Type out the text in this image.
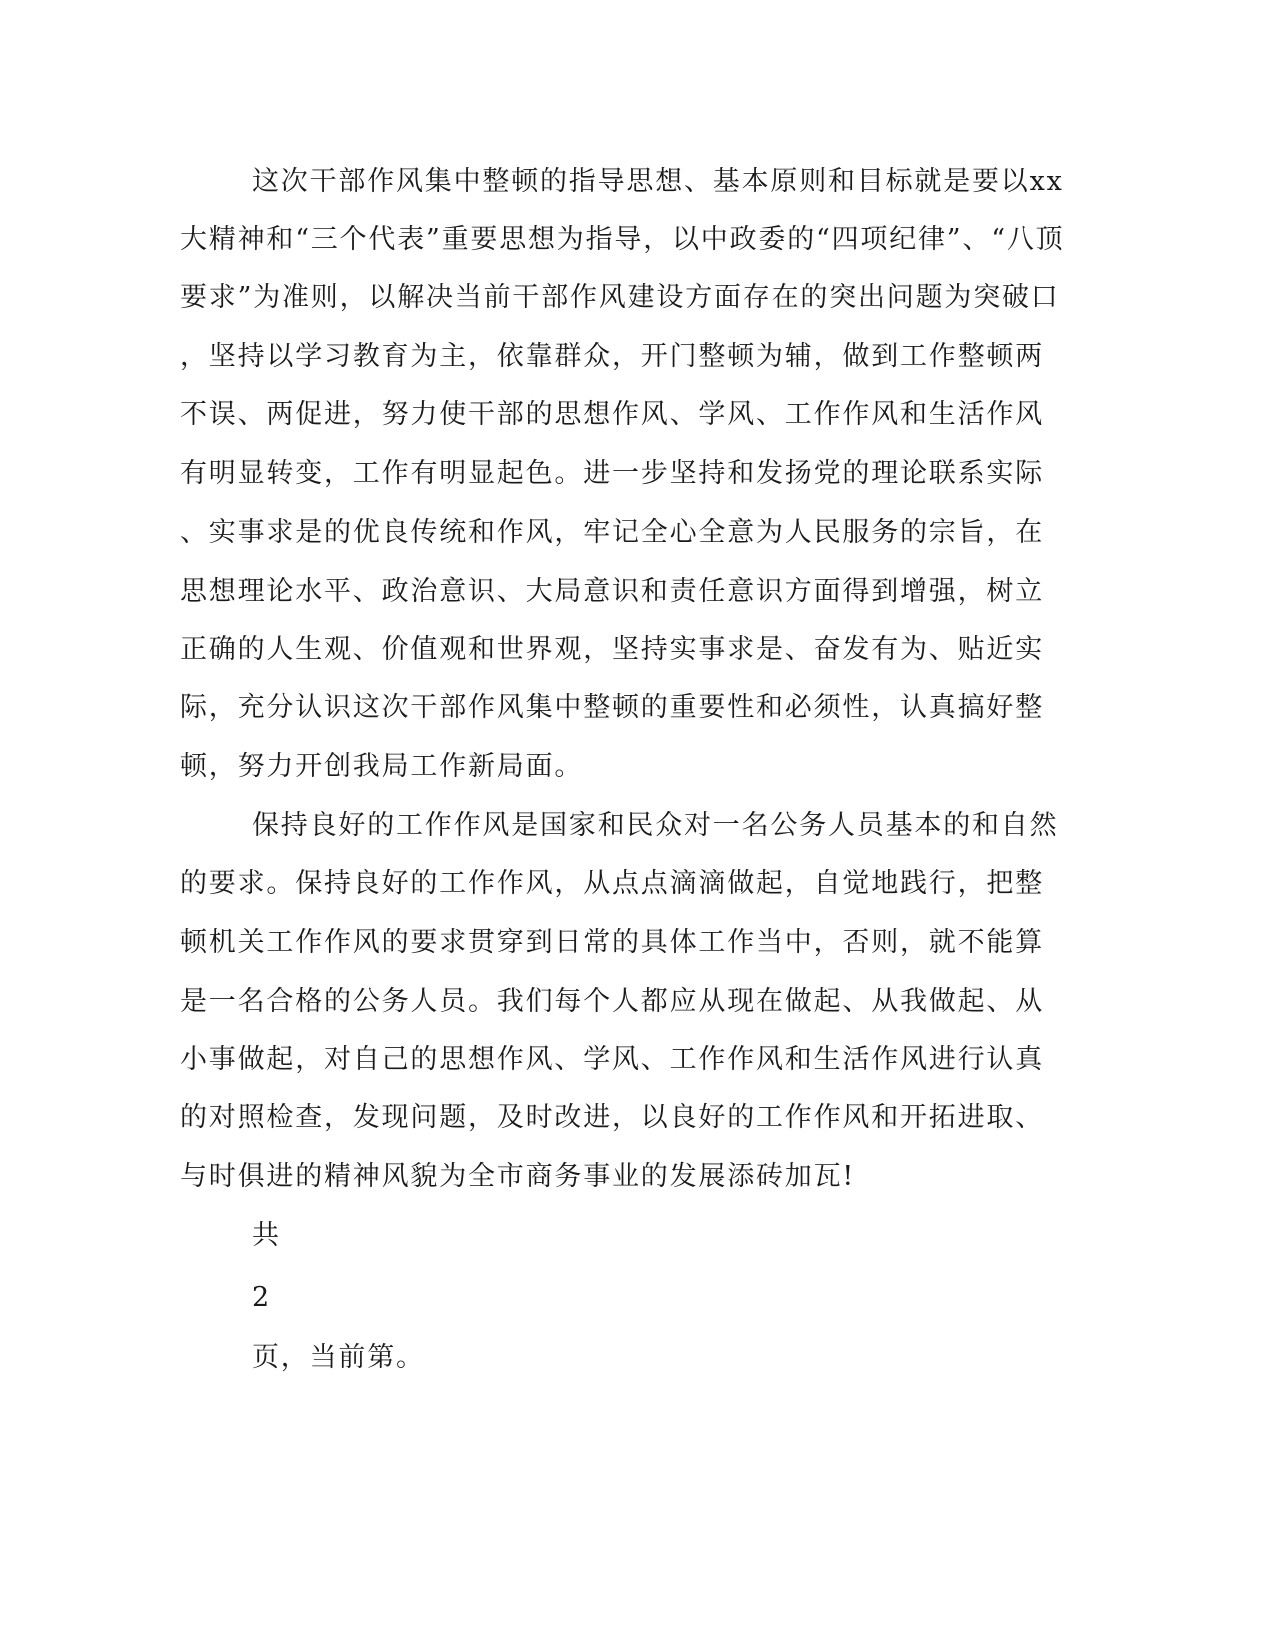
这次干部作风集中整顿的指导思想、基本原则和目标就是要以xx
大精神和“三个代表”重要思想为指导，以中政委的“四项纪律”、“八顶
要求”为准则，以解决当前干部作风建设方面存在的突出问题为突破口
，坚持以学习教育为主，依靠群众，开门整顿为辅，做到工作整顿两
不误、两促进，努力使干部的思想作风、学风、工作作风和生活作风
有明显转变，工作有明显起色。进一步坚持和发扬党的理论联系实际
、实事求是的优良传统和作风，牢记全心全意为人民服务的宗旨，在
思想理论水平、政治意识、大局意识和责任意识方面得到增强，树立
正确的人生观、价值观和世界观，坚持实事求是、奋发有为、贴近实
际，充分认识这次干部作风集中整顿的重要性和必须性，认真搞好整
顿，努力开创我局工作新局面。
保持良好的工作作风是国家和民众对一名公务人员基本的和自然
的要求。保持良好的工作作风，从点点滴滴做起，自觉地践行，把整
顿机关工作作风的要求贯穿到日常的具体工作当中，否则，就不能算
是一名合格的公务人员。我们每个人都应从现在做起、从我做起、从
小事做起，对自己的思想作风、学风、工作作风和生活作风进行认真
的对照检查，发现问题，及时改进，以良好的工作作风和开拓进取、
与时俱进的精神风貌为全市商务事业的发展添砖加瓦!
共
2
页，当前第。
